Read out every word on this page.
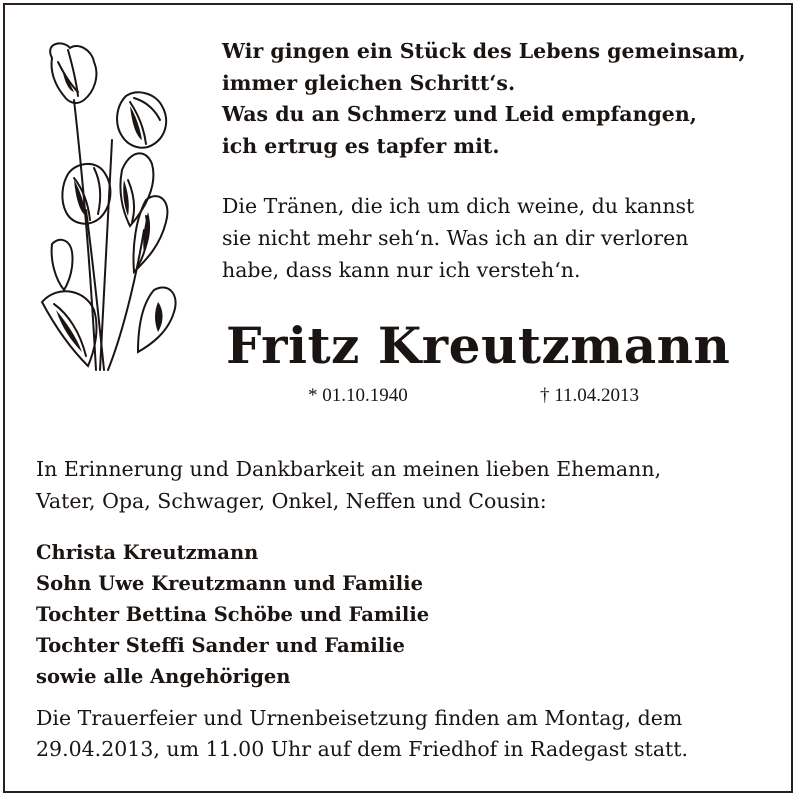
Wir gingen ein Stück des Lebens gemeinsam,
immer gleichen Schritt‘s.
Was du an Schmerz und Leid empfangen,
ich ertrug es tapfer mit.
Die Tränen, die ich um dich weine, du kannst
sie nicht mehr seh‘n. Was ich an dir verloren
habe, dass kann nur ich versteh‘n.
Fritz Kreutzmann
* 01.10.1940	† 11.04.2013
In Erinnerung und Dankbarkeit an meinen lieben Ehemann,
Vater, Opa, Schwager, Onkel, Neffen und Cousin:
Christa Kreutzmann
Sohn Uwe Kreutzmann und Familie
Tochter Bettina Schöbe und Familie
Tochter Steffi Sander und Familie
sowie alle Angehörigen
Die Trauerfeier und Urnenbeisetzung finden am Montag, dem
29.04.2013, um 11.00 Uhr auf dem Friedhof in Radegast statt.
